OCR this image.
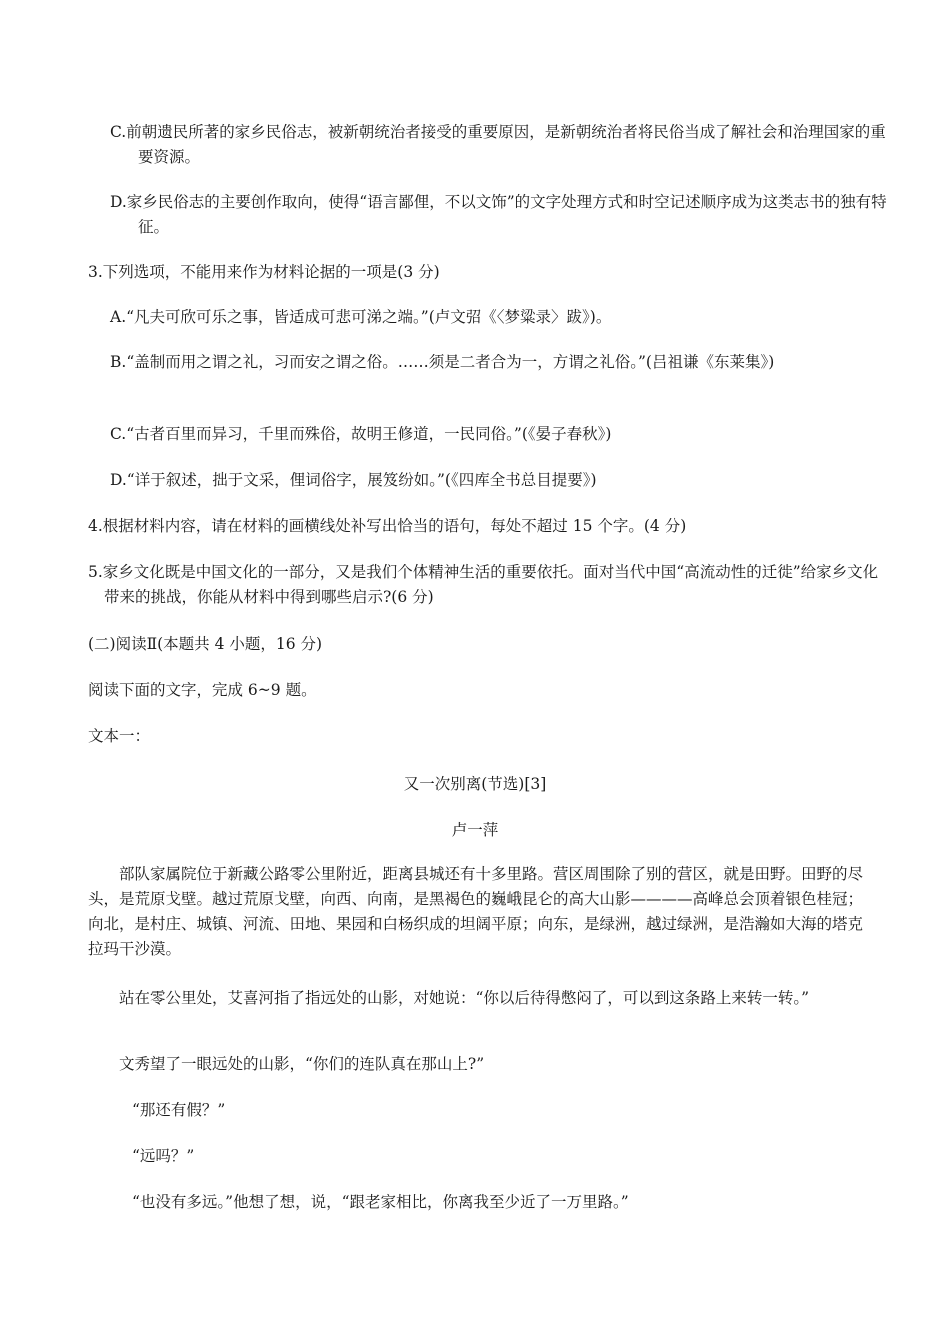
C.前朝遗民所著的家乡民俗志，被新朝统治者接受的重要原因，是新朝统治者将民俗当成了解社会和治理国家的重要资源。
D.家乡民俗志的主要创作取向，使得“语言鄙俚，不以文饰”的文字处理方式和时空记述顺序成为这类志书的独有特征。
3.下列选项，不能用来作为材料论据的一项是(3 分)
A.“凡夫可欣可乐之事，皆适成可悲可涕之端。”(卢文弨《〈梦粱录〉跋》)。
B.“盖制而用之谓之礼，习而安之谓之俗。……须是二者合为一，方谓之礼俗。”(吕祖谦《东莱集》)
C.“古者百里而异习，千里而殊俗，故明王修道，一民同俗。”(《晏子春秋》)
D.“详于叙述，拙于文采，俚词俗字，展笈纷如。”(《四库全书总目提要》)
4.根据材料内容，请在材料的画横线处补写出恰当的语句，每处不超过 15 个字。(4 分)
5.家乡文化既是中国文化的一部分，又是我们个体精神生活的重要依托。面对当代中国“高流动性的迁徙”给家乡文化带来的挑战，你能从材料中得到哪些启示?(6 分)
(二)阅读Ⅱ(本题共 4 小题，16 分)
阅读下面的文字，完成 6~9 题。
文本一：
又一次别离(节选)[3]
卢一萍
部队家属院位于新藏公路零公里附近，距离县城还有十多里路。营区周围除了别的营区，就是田野。田野的尽头，是荒原戈壁。越过荒原戈壁，向西、向南，是黑褐色的巍峨昆仑的高大山影————高峰总会顶着银色桂冠；向北，是村庄、城镇、河流、田地、果园和白杨织成的坦阔平原；向东，是绿洲，越过绿洲，是浩瀚如大海的塔克拉玛干沙漠。
站在零公里处，艾喜河指了指远处的山影，对她说：“你以后待得憋闷了，可以到这条路上来转一转。”
文秀望了一眼远处的山影，“你们的连队真在那山上?”
“那还有假？”
“远吗？”
“也没有多远。”他想了想，说，“跟老家相比，你离我至少近了一万里路。”
